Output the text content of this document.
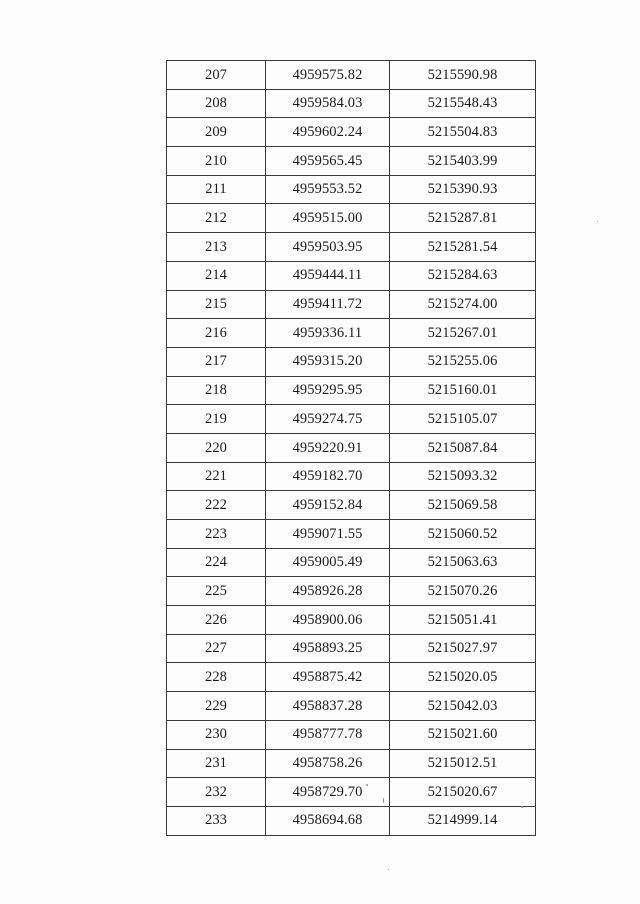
207	4959575.82	5215590.98
208	4959584.03	5215548.43
209	4959602.24	5215504.83
210	4959565.45	5215403.99
211	4959553.52	5215390.93
212	4959515.00	5215287.81
213	4959503.95	5215281.54
214	4959444.11	5215284.63
215	4959411.72	5215274.00
216	4959336.11	5215267.01
217	4959315.20	5215255.06
218	4959295.95	5215160.01
219	4959274.75	5215105.07
220	4959220.91	5215087.84
221	4959182.70	5215093.32
222	4959152.84	5215069.58
223	4959071.55	5215060.52
224	4959005.49	5215063.63
225	4958926.28	5215070.26
226	4958900.06	5215051.41
227	4958893.25	5215027.97
228	4958875.42	5215020.05
229	4958837.28	5215042.03
230	4958777.78	5215021.60
231	4958758.26	5215012.51
232	4958729.70	5215020.67
233	4958694.68	5214999.14
